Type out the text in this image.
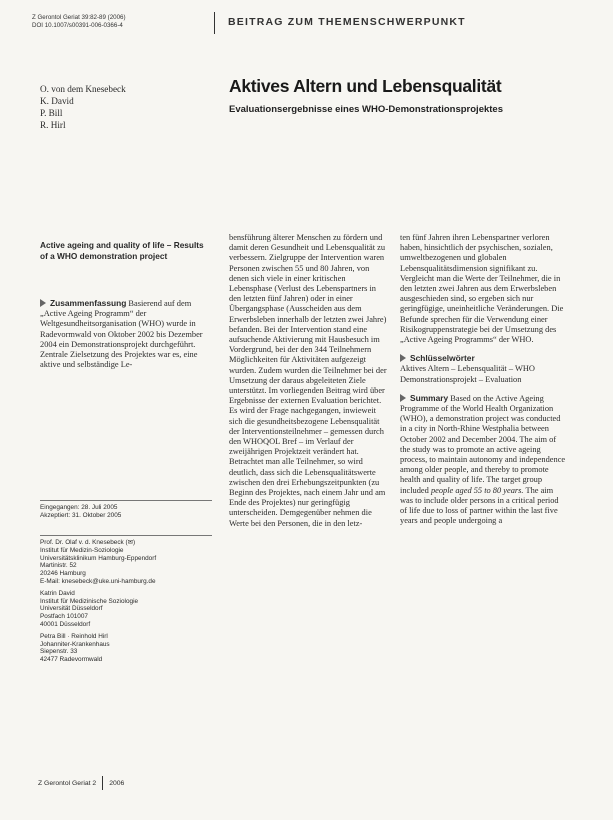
Z Gerontol Geriat 39:82-89 (2006)
DOI 10.1007/s00391-006-0366-4	BEITRAG ZUM THEMENSCHWERPUNKT
O. von dem Knesebeck
K. David
P. Bill
R. Hirl
Aktives Altern und Lebensqualität
Evaluationsergebnisse eines WHO-Demonstrationsprojektes
Active ageing and quality of life – Results of a WHO demonstration project

Zusammenfassung Basierend auf dem „Active Ageing Programm“ der Weltgesundheitsorganisation (WHO) wurde in Radevormwald von Oktober 2002 bis Dezember 2004 ein Demonstrationsprojekt durchgeführt. Zentrale Zielsetzung des Projektes war es, eine aktive und selbständige Le-

bensführung älterer Menschen zu fördern und damit deren Gesundheit und Lebensqualität zu verbessern. Zielgruppe der Intervention waren Personen zwischen 55 und 80 Jahren, von denen sich viele in einer kritischen Lebensphase (Verlust des Lebenspartners in den letzten fünf Jahren) oder in einer Übergangsphase (Ausscheiden aus dem Erwerbsleben innerhalb der letzten zwei Jahre) befanden. Bei der Intervention stand eine aufsuchende Aktivierung mit Hausbesuch im Vordergrund, bei der den 344 Teilnehmern Möglichkeiten für Aktivitäten aufgezeigt wurden. Zudem wurden die Teilnehmer bei der Umsetzung der daraus abgeleiteten Ziele unterstützt. Im vorliegenden Beitrag wird über Ergebnisse der externen Evaluation berichtet. Es wird der Frage nachgegangen, inwieweit sich die gesundheitsbezogene Lebensqualität der Interventionsteilnehmer – gemessen durch den WHOQOL Bref – im Verlauf der zweijährigen Projektzeit verändert hat. Betrachtet man alle Teilnehmer, so wird deutlich, dass sich die Lebensqualitätswerte zwischen den drei Erhebungszeitpunkten (zu Beginn des Projektes, nach einem Jahr und am Ende des Projektes) nur geringfügig unterscheiden. Demgegenüber nehmen die Werte bei den Personen, die in den letz-

ten fünf Jahren ihren Lebenspartner verloren haben, hinsichtlich der psychischen, sozialen, umweltbezogenen und globalen Lebensqualitätsdimension signifikant zu. Vergleicht man die Werte der Teilnehmer, die in den letzten zwei Jahren aus dem Erwerbsleben ausgeschieden sind, so ergeben sich nur geringfügige, uneinheitliche Veränderungen. Die Befunde sprechen für die Verwendung einer Risikogruppenstrategie bei der Umsetzung des „Active Ageing Programms“ der WHO.

Schlüsselwörter

Aktives Altern – Lebensqualität – WHO Demonstrationsprojekt – Evaluation

Summary Based on the Active Ageing Programme of the World Health Organization (WHO), a demonstration project was conducted in a city in North-Rhine Westphalia between October 2002 and December 2004. The aim of the study was to promote an active ageing process, to maintain autonomy and independence among older people, and thereby to promote health and quality of life. The target group included people aged 55 to 80 years. The aim was to include older persons in a critical period of life due to loss of partner within the last five years and people undergoing a

Eingegangen: 28. Juli 2005
Akzeptiert: 31. Oktober 2005
Prof. Dr. Olaf v. d. Knesebeck (✉)
Institut für Medizin-Soziologie
Universitätsklinikum Hamburg-Eppendorf
Martinistr. 52
20246 Hamburg
E-Mail: knesebeck@uke.uni-hamburg.de
Katrin David
Institut für Medizinische Soziologie
Universität Düsseldorf
Postfach 101007
40001 Düsseldorf
Petra Bill · Reinhold Hirl
Johanniter-Krankenhaus
Siepenstr. 33
42477 Radevormwald
Z Gerontol Geriat 2 2006
